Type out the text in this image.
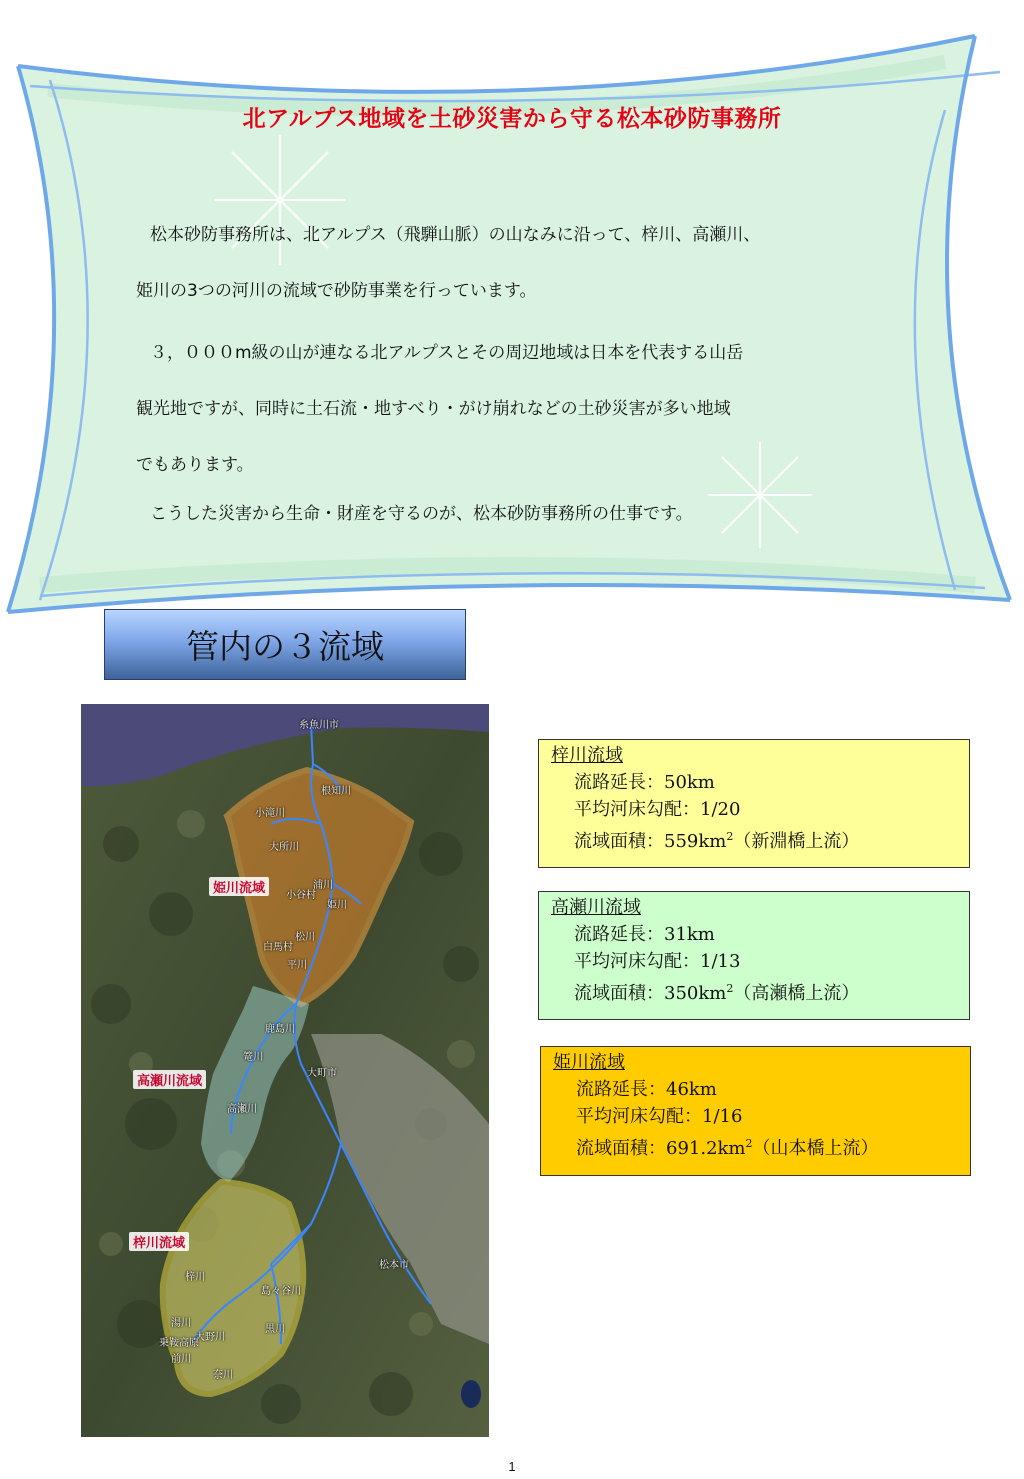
北アルプス地域を土砂災害から守る松本砂防事務所
松本砂防事務所は、北アルプス（飛騨山脈）の山なみに沿って、梓川、高瀬川、
姫川の3つの河川の流域で砂防事業を行っています。
３，０００m級の山が連なる北アルプスとその周辺地域は日本を代表する山岳
観光地ですが、同時に土石流・地すべり・がけ崩れなどの土砂災害が多い地域
でもあります。
こうした災害から生命・財産を守るのが、松本砂防事務所の仕事です。
管内の３流域
糸魚川市
根知川
小滝川
大所川
姫川流域	浦川
小谷村
姫川
松川
白馬村
平川
鹿島川
篭川
大町市
高瀬川流域
高瀬川
梓川流域
松本市
梓川
島々谷川
湯川
黒川
大野川
乗鞍高原
前川
奈川
梓川流域
流路延長：50km
平均河床勾配：1/20
流域面積：$559km^2$（新淵橋上流）
高瀬川流域
流路延長：31km
平均河床勾配：1/13
流域面積：$350km^2$（高瀬橋上流）
姫川流域
流路延長：46km
平均河床勾配：1/16
流域面積：$691.2km^2$（山本橋上流）
1
